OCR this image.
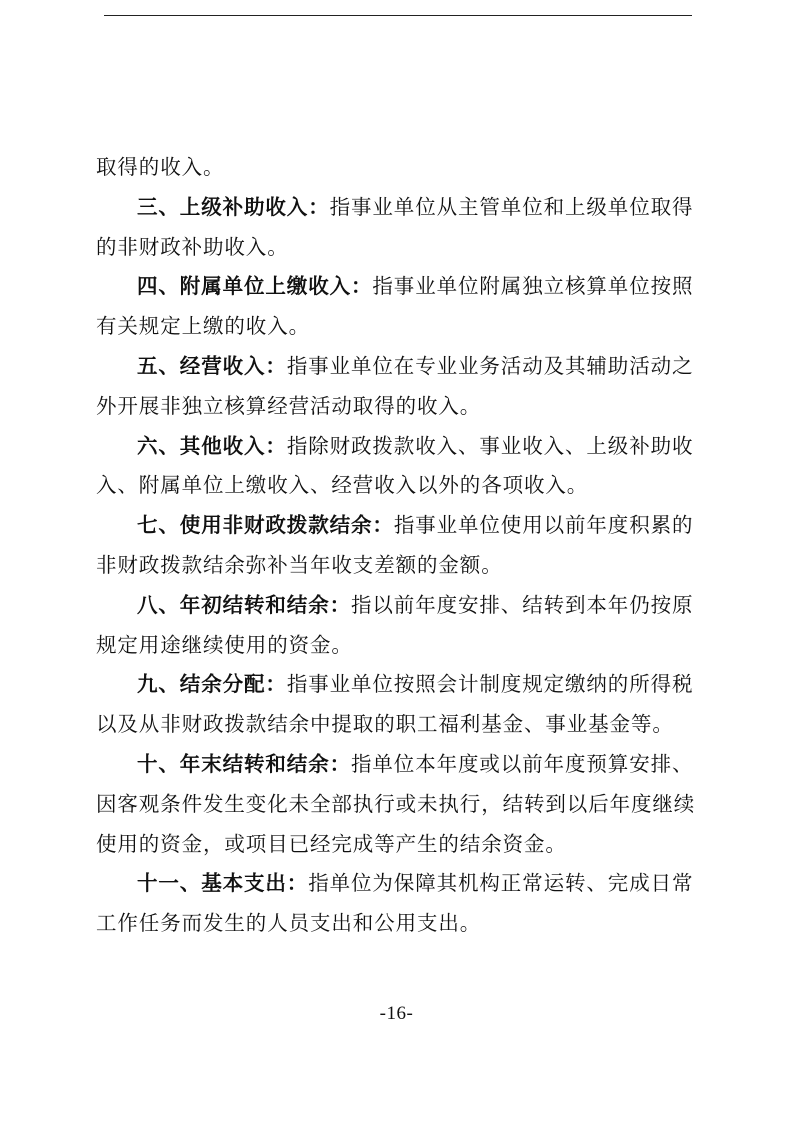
取得的收入。

三、上级补助收入：指事业单位从主管单位和上级单位取得
的非财政补助收入。

四、附属单位上缴收入：指事业单位附属独立核算单位按照
有关规定上缴的收入。

五、经营收入：指事业单位在专业业务活动及其辅助活动之
外开展非独立核算经营活动取得的收入。

六、其他收入：指除财政拨款收入、事业收入、上级补助收
入、附属单位上缴收入、经营收入以外的各项收入。

七、使用非财政拨款结余：指事业单位使用以前年度积累的
非财政拨款结余弥补当年收支差额的金额。

八、年初结转和结余：指以前年度安排、结转到本年仍按原
规定用途继续使用的资金。

九、结余分配：指事业单位按照会计制度规定缴纳的所得税
以及从非财政拨款结余中提取的职工福利基金、事业基金等。

十、年末结转和结余：指单位本年度或以前年度预算安排、
因客观条件发生变化未全部执行或未执行，结转到以后年度继续
使用的资金，或项目已经完成等产生的结余资金。

十一、基本支出：指单位为保障其机构正常运转、完成日常
工作任务而发生的人员支出和公用支出。

-16-
